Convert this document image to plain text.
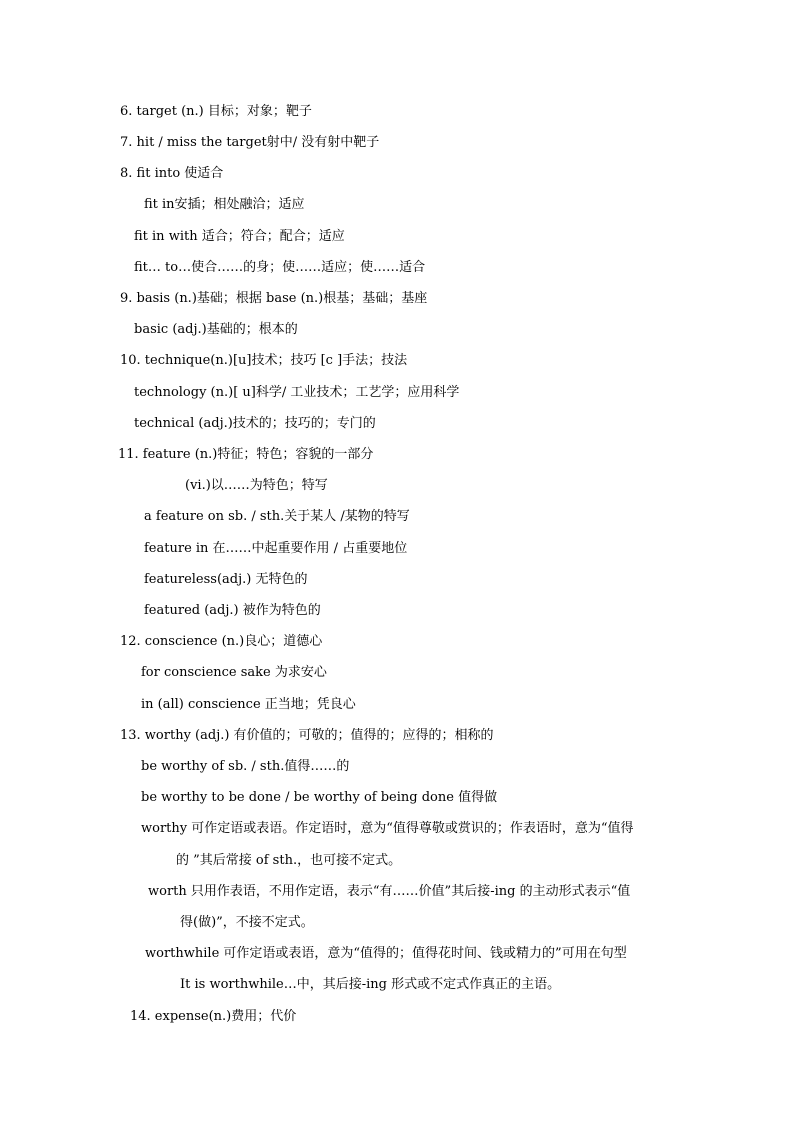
6. target (n.) 目标；对象；靶子
7. hit / miss the target射中/ 没有射中靶子
8. fit into 使适合
fit in安插；相处融洽；适应
fit in with 适合；符合；配合；适应
fit… to…使合……的身；使……适应；使……适合
9. basis (n.)基础；根据 base (n.)根基；基础；基座
basic (adj.)基础的；根本的
10. technique(n.)[u]技术；技巧 [c ]手法；技法
technology (n.)[ u]科学/ 工业技术；工艺学；应用科学
technical (adj.)技术的；技巧的；专门的
11. feature (n.)特征；特色；容貌的一部分
(vi.)以……为特色；特写
a feature on sb. / sth.关于某人 /某物的特写
feature in 在……中起重要作用 / 占重要地位
featureless(adj.) 无特色的
featured (adj.) 被作为特色的
12. conscience (n.)良心；道德心
for conscience sake 为求安心
in (all) conscience 正当地；凭良心
13. worthy (adj.) 有价值的；可敬的；值得的；应得的；相称的
be worthy of sb. / sth.值得……的
be worthy to be done / be worthy of being done 值得做
worthy 可作定语或表语。作定语时，意为“值得尊敬或赏识的；作表语时，意为“值得
的 ”其后常接 of sth.，也可接不定式。
worth 只用作表语，不用作定语，表示“有……价值”其后接-ing 的主动形式表示“值
得(做)”，不接不定式。
worthwhile 可作定语或表语，意为“值得的；值得花时间、钱或精力的”可用在句型
It is worthwhile…中，其后接-ing 形式或不定式作真正的主语。
14. expense(n.)费用；代价
